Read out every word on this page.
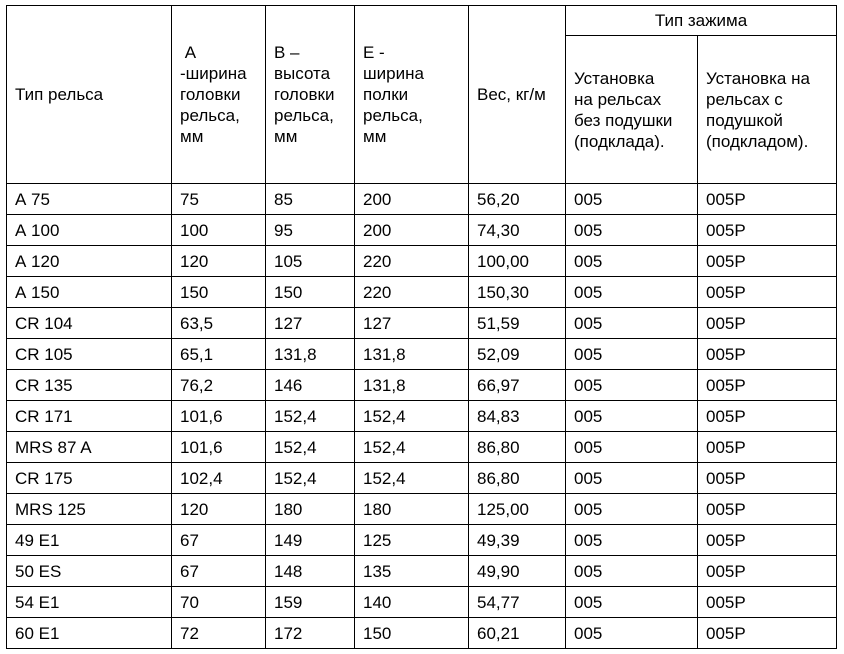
Тип рельса	А
-ширина
головки
рельса,
мм	В –
высота
головки
рельса,
мм	Е -
ширина
полки
рельса,
мм	Вес, кг/м	Тип зажима	

					Установка
на рельсах
без подушки
(подклада).	Установка на
рельсах с
подушкой
(подкладом).

А 75	75	85	200	56,20	005	005Р
А 100	100	95	200	74,30	005	005Р
А 120	120	105	220	100,00	005	005Р
А 150	150	150	220	150,30	005	005Р
CR 104	63,5	127	127	51,59	005	005Р
CR 105	65,1	131,8	131,8	52,09	005	005Р
CR 135	76,2	146	131,8	66,97	005	005Р
CR 171	101,6	152,4	152,4	84,83	005	005Р
MRS 87 A	101,6	152,4	152,4	86,80	005	005Р
CR 175	102,4	152,4	152,4	86,80	005	005Р
MRS 125	120	180	180	125,00	005	005Р
49 E1	67	149	125	49,39	005	005Р
50 ES	67	148	135	49,90	005	005Р
54 E1	70	159	140	54,77	005	005Р
60 E1	72	172	150	60,21	005	005Р
